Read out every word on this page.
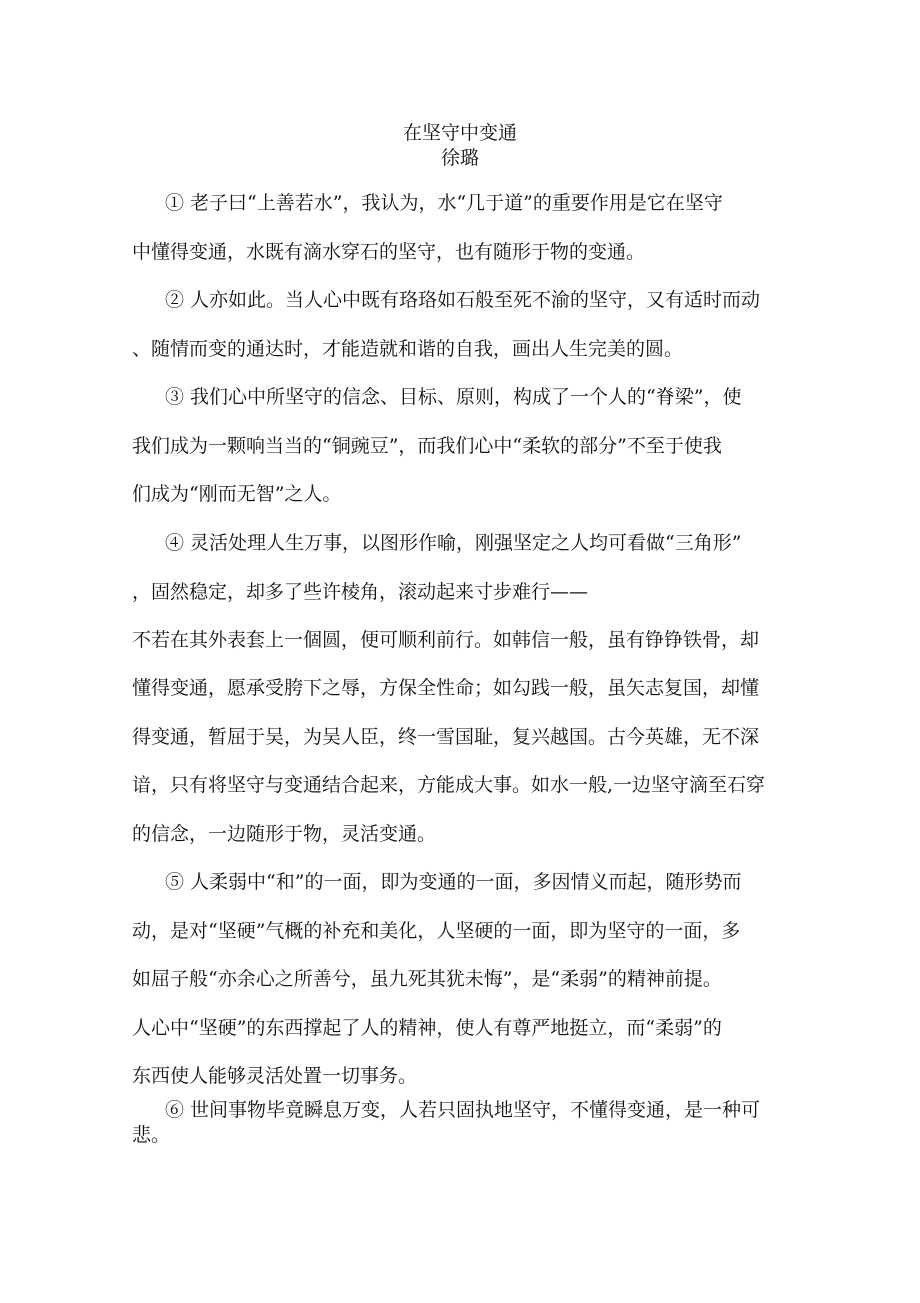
在坚守中变通
徐璐
① 老子曰“上善若水”，我认为，水“几于道”的重要作用是它在坚守
中懂得变通，水既有滴水穿石的坚守，也有随形于物的变通。
② 人亦如此。当人心中既有珞珞如石般至死不渝的坚守，又有适时而动
、随情而变的通达时，才能造就和谐的自我，画出人生完美的圆。
③ 我们心中所坚守的信念、目标、原则，构成了一个人的“脊梁”，使
我们成为一颗响当当的“铜豌豆”，而我们心中“柔软的部分”不至于使我
们成为“刚而无智”之人。
④ 灵活处理人生万事，以图形作喻，刚强坚定之人均可看做“三角形”
，固然稳定，却多了些许棱角，滚动起来寸步难行——
不若在其外表套上一個圆，便可顺利前行。如韩信一般，虽有铮铮铁骨，却
懂得变通，愿承受胯下之辱，方保全性命；如勾践一般，虽矢志复国，却懂
得变通，暂屈于吴，为吴人臣，终一雪国耻，复兴越国。古今英雄，无不深
谙，只有将坚守与变通结合起来，方能成大事。如水一般,一边坚守滴至石穿
的信念，一边随形于物，灵活变通。
⑤ 人柔弱中“和”的一面，即为变通的一面，多因情义而起，随形势而
动，是对“坚硬”气概的补充和美化，人坚硬的一面，即为坚守的一面，多
如屈子般“亦余心之所善兮，虽九死其犹未悔”，是“柔弱”的精神前提。
人心中“坚硬”的东西撑起了人的精神，使人有尊严地挺立，而“柔弱”的
东西使人能够灵活处置一切事务。
⑥ 世间事物毕竟瞬息万变，人若只固执地坚守，不懂得变通，是一种可
悲。
